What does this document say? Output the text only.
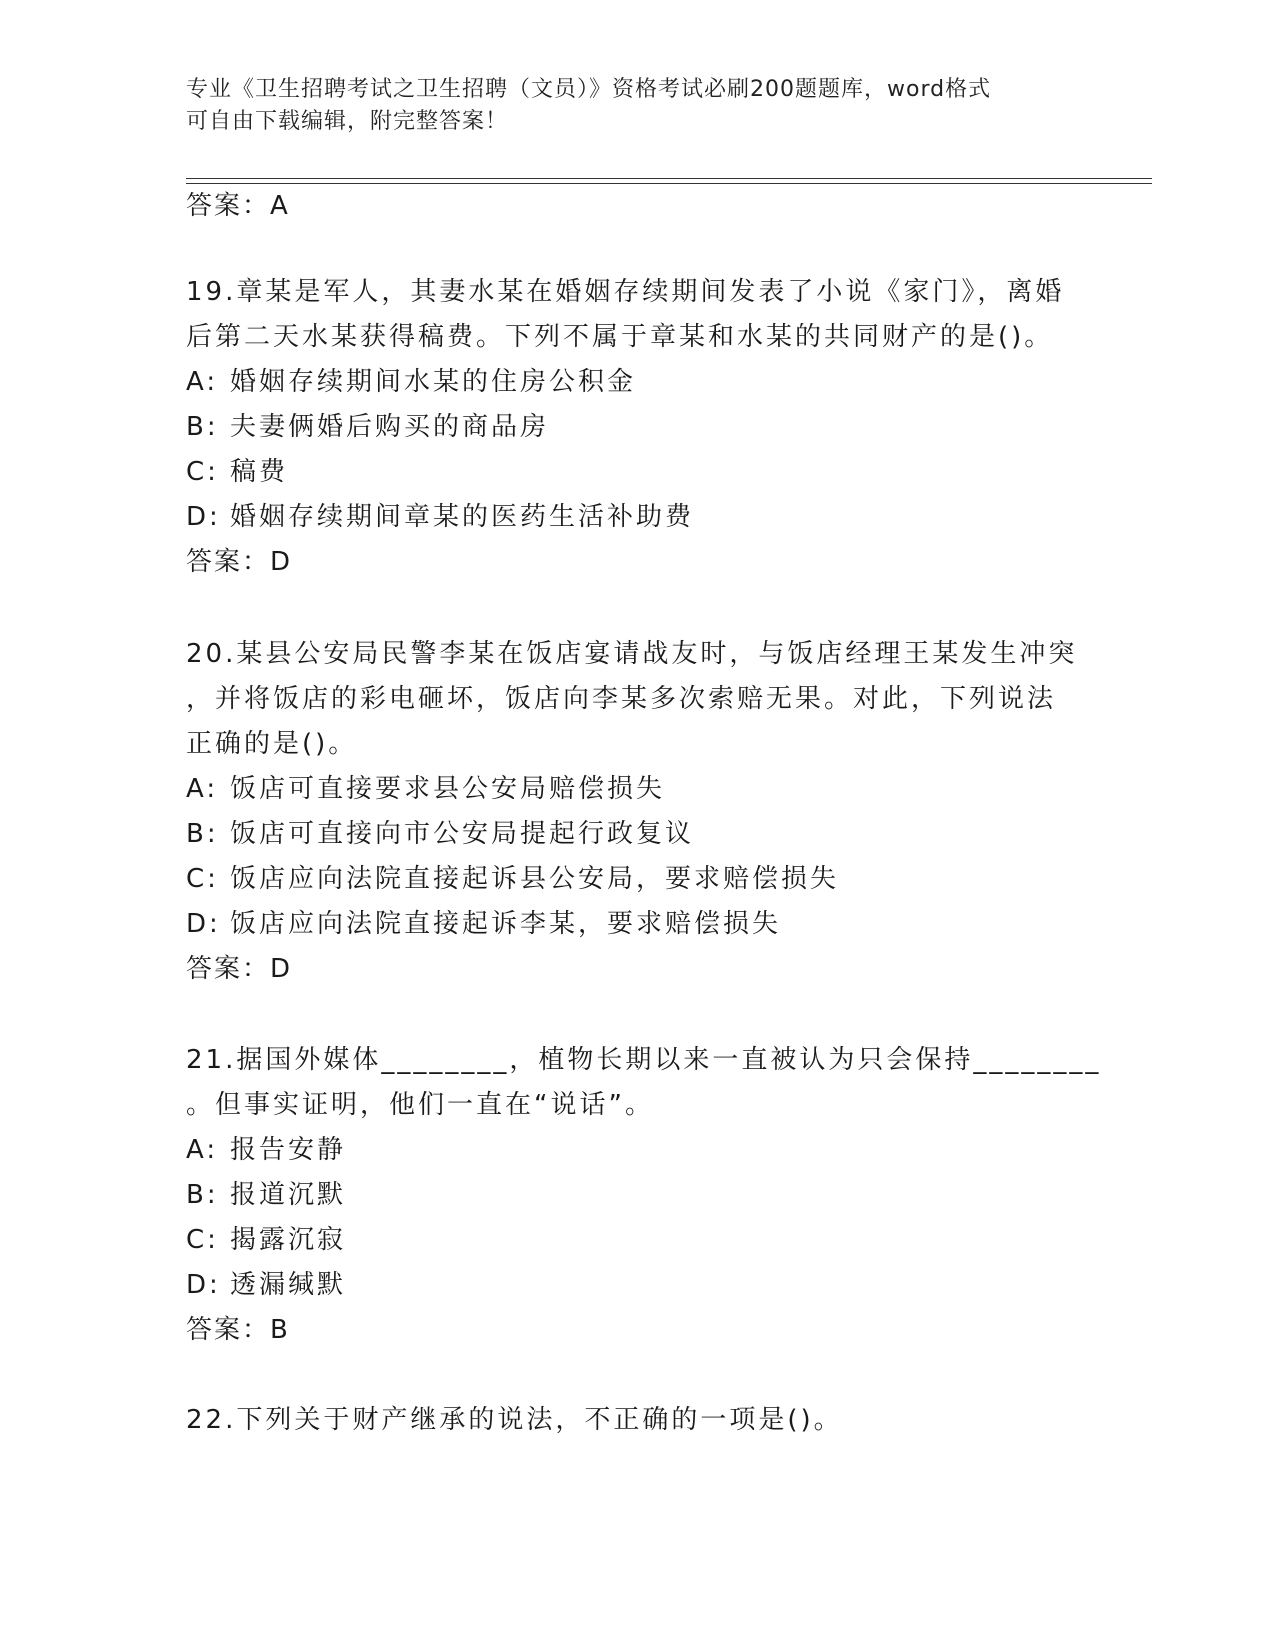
专业《卫生招聘考试之卫生招聘（文员）》资格考试必刷200题题库，word格式
可自由下载编辑，附完整答案！
答案：A
19.章某是军人，其妻水某在婚姻存续期间发表了小说《家门》，离婚
后第二天水某获得稿费。下列不属于章某和水某的共同财产的是()。
A: 婚姻存续期间水某的住房公积金
B: 夫妻俩婚后购买的商品房
C: 稿费
D: 婚姻存续期间章某的医药生活补助费
答案：D
20.某县公安局民警李某在饭店宴请战友时，与饭店经理王某发生冲突
，并将饭店的彩电砸坏，饭店向李某多次索赔无果。对此，下列说法
正确的是()。
A: 饭店可直接要求县公安局赔偿损失
B: 饭店可直接向市公安局提起行政复议
C: 饭店应向法院直接起诉县公安局，要求赔偿损失
D: 饭店应向法院直接起诉李某，要求赔偿损失
答案：D
21.据国外媒体________，植物长期以来一直被认为只会保持________
。但事实证明，他们一直在“说话”。
A: 报告安静
B: 报道沉默
C: 揭露沉寂
D: 透漏缄默
答案：B
22.下列关于财产继承的说法，不正确的一项是()。
